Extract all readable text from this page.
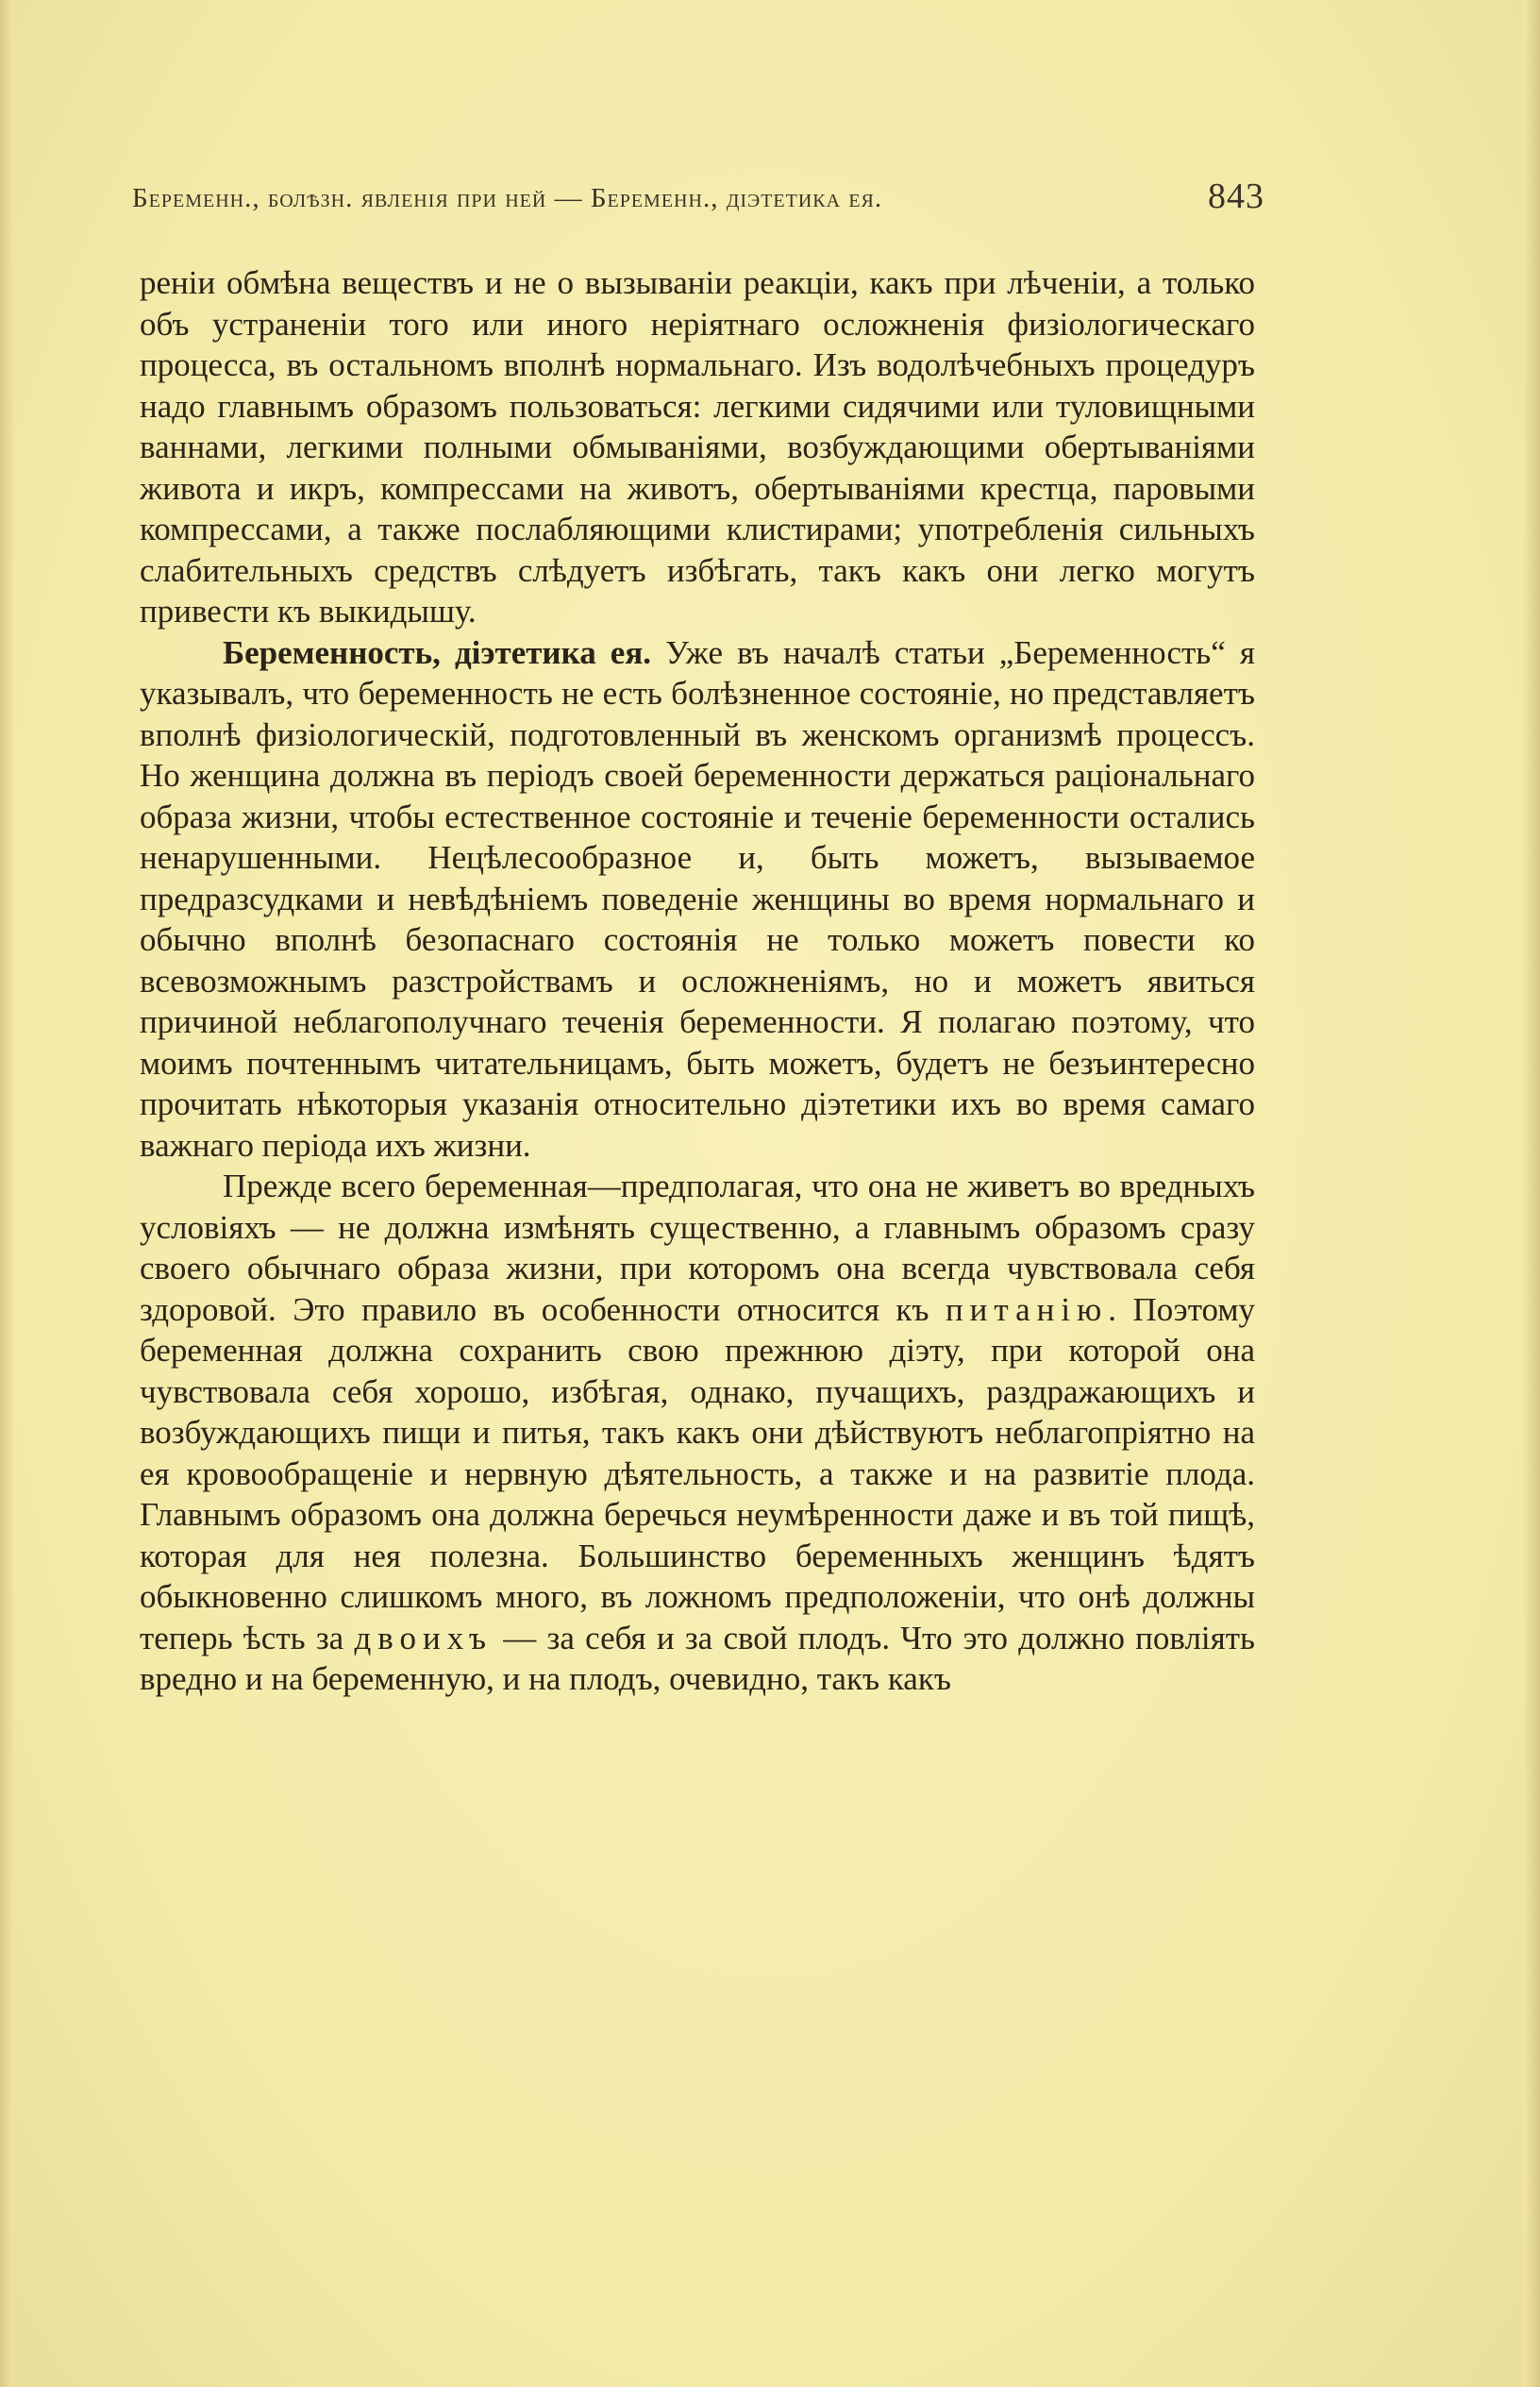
Беременн., болѣзн. явленія при ней — Беременн., діэтетика ея.	843

реніи обмѣна веществъ и не о вызываніи реакціи, какъ при лѣченіи, а только объ устраненіи того или иного неріятнаго осложненія физіологическаго процесса, въ остальномъ вполнѣ нормальнаго. Изъ водолѣчебныхъ процедуръ надо главнымъ образомъ пользоваться: легкими сидячими или туловищными ваннами, легкими полными обмываніями, возбуждающими обертываніями живота и икръ, компрессами на животъ, обертываніями крестца, паровыми компрессами, а также послабляющими клистирами; употребленія сильныхъ слабительныхъ средствъ слѣдуетъ избѣгать, такъ какъ они легко могутъ привести къ выкидышу.

Беременность, діэтетика ея. Уже въ началѣ статьи „Беременность“ я указывалъ, что беременность не есть болѣзненное состояніе, но представляетъ вполнѣ физіологическій, подготовленный въ женскомъ организмѣ процессъ. Но женщина должна въ періодъ своей беременности держаться раціональнаго образа жизни, чтобы естественное состояніе и теченіе беременности остались ненарушенными. Нецѣлесообразное и, быть можетъ, вызываемое предразсудками и невѣдѣніемъ поведеніе женщины во время нормальнаго и обычно вполнѣ безопаснаго состоянія не только можетъ повести ко всевозможнымъ разстройствамъ и осложненіямъ, но и можетъ явиться причиной неблагополучнаго теченія беременности. Я полагаю поэтому, что моимъ почтеннымъ читательницамъ, быть можетъ, будетъ не безъинтересно прочитать нѣкоторыя указанія относительно діэтетики ихъ во время самаго важнаго періода ихъ жизни.

Прежде всего беременная—предполагая, что она не живетъ во вредныхъ условіяхъ — не должна измѣнять существенно, а главнымъ образомъ сразу своего обычнаго образа жизни, при которомъ она всегда чувствовала себя здоровой. Это правило въ особенности относится къ питанію. Поэтому беременная должна сохранить свою прежнюю діэту, при которой она чувствовала себя хорошо, избѣгая, однако, пучащихъ, раздражающихъ и возбуждающихъ пищи и питья, такъ какъ они дѣйствуютъ неблагопріятно на ея кровообращеніе и нервную дѣятельность, а также и на развитіе плода. Главнымъ образомъ она должна беречься неумѣренности даже и въ той пищѣ, которая для нея полезна. Большинство беременныхъ женщинъ ѣдятъ обыкновенно слишкомъ много, въ ложномъ предположеніи, что онѣ должны теперь ѣсть за двоихъ — за себя и за свой плодъ. Что это должно повліять вредно и на беременную, и на плодъ, очевидно, такъ какъ
